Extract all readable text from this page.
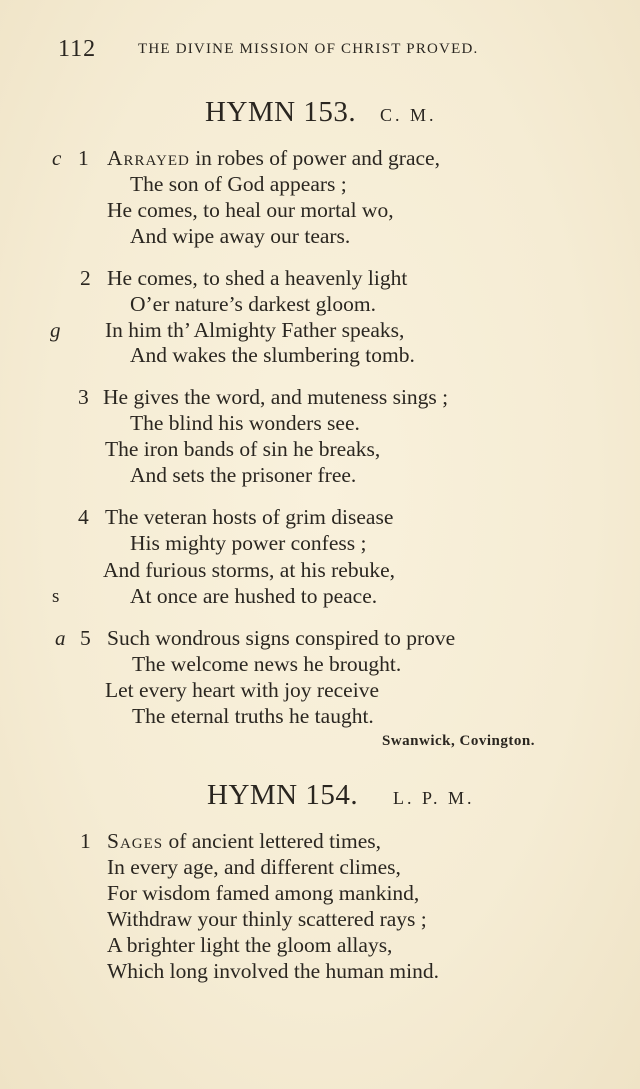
112	THE DIVINE MISSION OF CHRIST PROVED.
HYMN 153. C. M.
c 1 Arrayed in robes of power and grace,
The son of God appears ;
He comes, to heal our mortal wo,
And wipe away our tears.
2 He comes, to shed a heavenly light
O’er nature’s darkest gloom.
g In him th’ Almighty Father speaks,
And wakes the slumbering tomb.
3 He gives the word, and muteness sings ;
The blind his wonders see.
The iron bands of sin he breaks,
And sets the prisoner free.
4 The veteran hosts of grim disease
His mighty power confess ;
And furious storms, at his rebuke,
s	At once are hushed to peace.
a 5 Such wondrous signs conspired to prove
The welcome news he brought.
Let every heart with joy receive
The eternal truths he taught.
Swanwick, Covington.
HYMN 154. L. P. M.
1 Sages of ancient lettered times,
In every age, and different climes,
For wisdom famed among mankind,
Withdraw your thinly scattered rays ;
A brighter light the gloom allays,
Which long involved the human mind.
